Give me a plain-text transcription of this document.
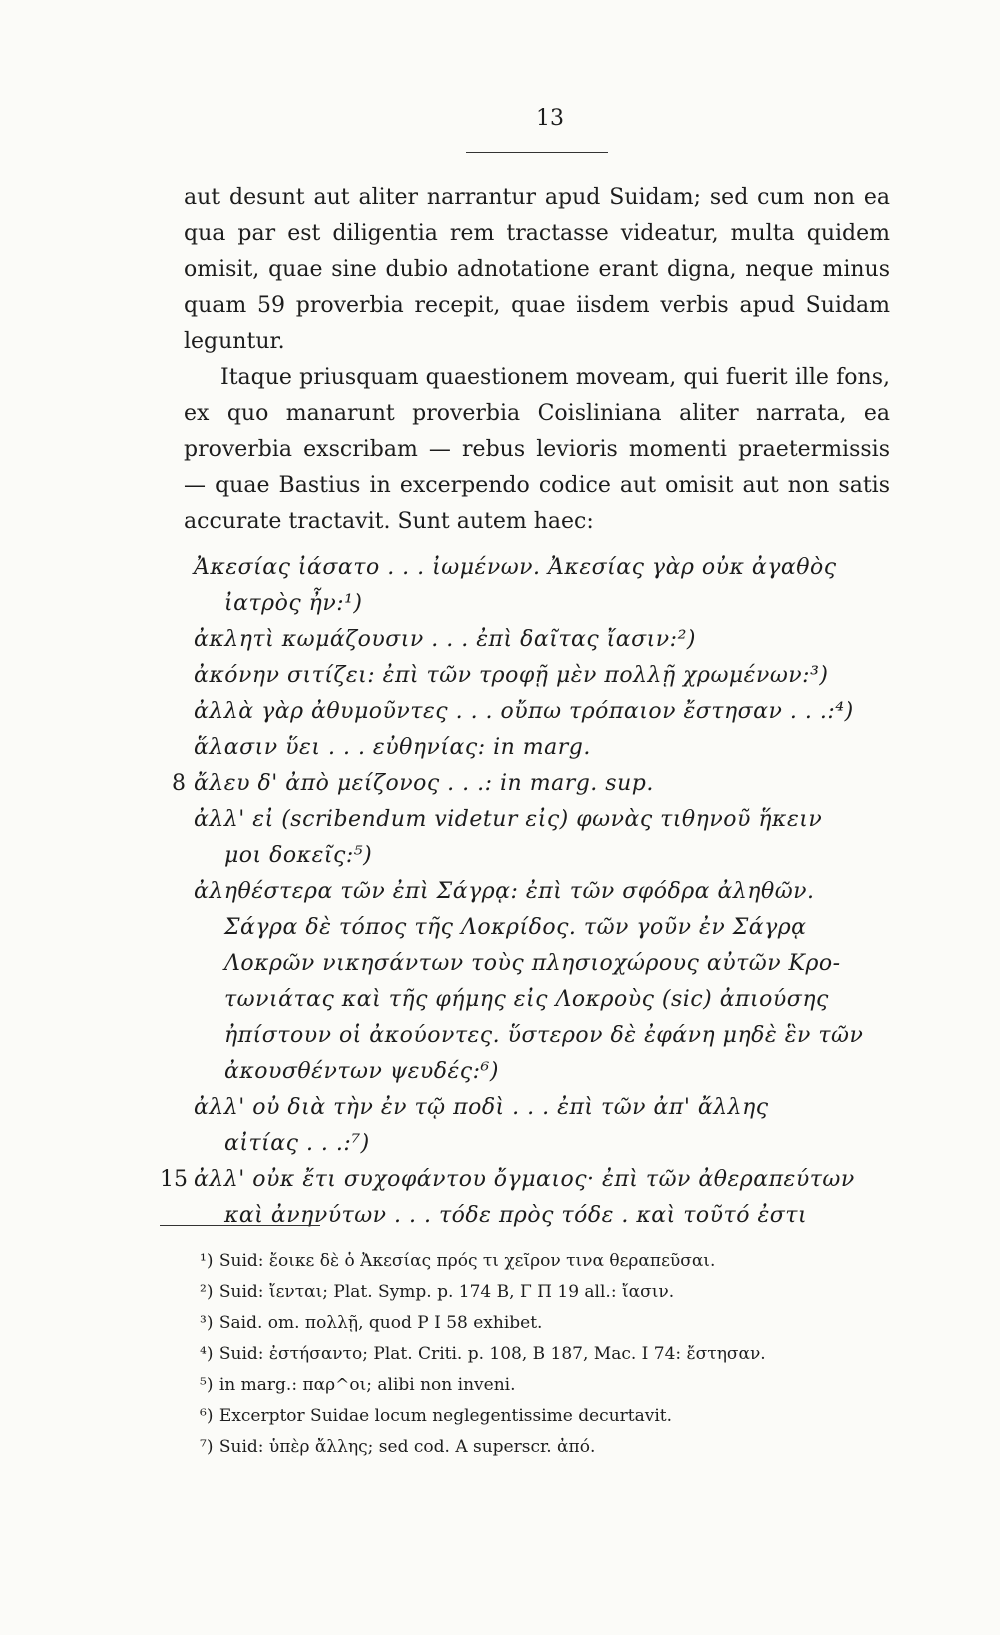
13

aut desunt aut aliter narrantur apud Suidam; sed cum non ea qua par est diligentia rem tractasse videatur, multa quidem omisit, quae sine dubio adnotatione erant digna, neque minus quam 59 proverbia recepit, quae iisdem verbis apud Suidam leguntur.

Itaque priusquam quaestionem moveam, qui fuerit ille fons, ex quo manarunt proverbia Coisliniana aliter narrata, ea proverbia exscribam — rebus levioris momenti praetermissis — quae Bastius in excerpendo codice aut omisit aut non satis accurate tractavit. Sunt autem haec:

Ἀκεσίας ἰάσατο . . . ἰωμένων. Ἀκεσίας γὰρ οὐκ ἀγαθὸς
ἰατρὸς ἦν:¹)
ἀκλητὶ κωμάζουσιν . . . ἐπὶ δαῖτας ἴασιν:²)
ἀκόνην σιτίζει: ἐπὶ τῶν τροφῇ μὲν πολλῇ χρωμένων:³)
ἀλλὰ γὰρ ἀθυμοῦντες . . . οὔπω τρόπαιον ἔστησαν . . .:⁴)
ἅλασιν ὕει . . . εὐθηνίας: in marg.
8 ἄλευ δ' ἀπὸ μείζονος . . .: in marg. sup.
ἀλλ' εἰ (scribendum videtur εἰς) φωνὰς τιθηνοῦ ἥκειν
μοι δοκεῖς:⁵)
ἀληθέστερα τῶν ἐπὶ Σάγρᾳ: ἐπὶ τῶν σφόδρα ἀληθῶν.
Σάγρα δὲ τόπος τῆς Λοκρίδος. τῶν γοῦν ἐν Σάγρᾳ
Λοκρῶν νικησάντων τοὺς πλησιοχώρους αὐτῶν Κρο-
τωνιάτας καὶ τῆς φήμης εἰς Λοκροὺς (sic) ἀπιούσης
ἠπίστουν οἱ ἀκούοντες. ὕστερον δὲ ἐφάνη μηδὲ ἓν τῶν
ἀκουσθέντων ψευδές:⁶)
ἀλλ' οὐ διὰ τὴν ἐν τῷ ποδὶ . . . ἐπὶ τῶν ἀπ' ἄλλης
αἰτίας . . .:⁷)
15 ἀλλ' οὐκ ἔτι συχοφάντου ὄγμαιος· ἐπὶ τῶν ἀθεραπεύτων
καὶ ἀνηνύτων . . . τόδε πρὸς τόδε . καὶ τοῦτό ἐστι
¹) Suid: ἔοικε δὲ ὁ Ἀκεσίας πρός τι χεῖρον τινα θεραπεῦσαι.
²) Suid: ἴενται; Plat. Symp. p. 174 B, Γ Π 19 all.: ἴασιν.
³) Said. om. πολλῇ, quod P I 58 exhibet.
⁴) Suid: ἐστήσαντο; Plat. Criti. p. 108, B 187, Mac. I 74: ἔστησαν.
⁵) in marg.: παρ^οι; alibi non inveni.
⁶) Excerptor Suidae locum neglegentissime decurtavit.
⁷) Suid: ὑπὲρ ἄλλης; sed cod. A superscr. ἀπό.
